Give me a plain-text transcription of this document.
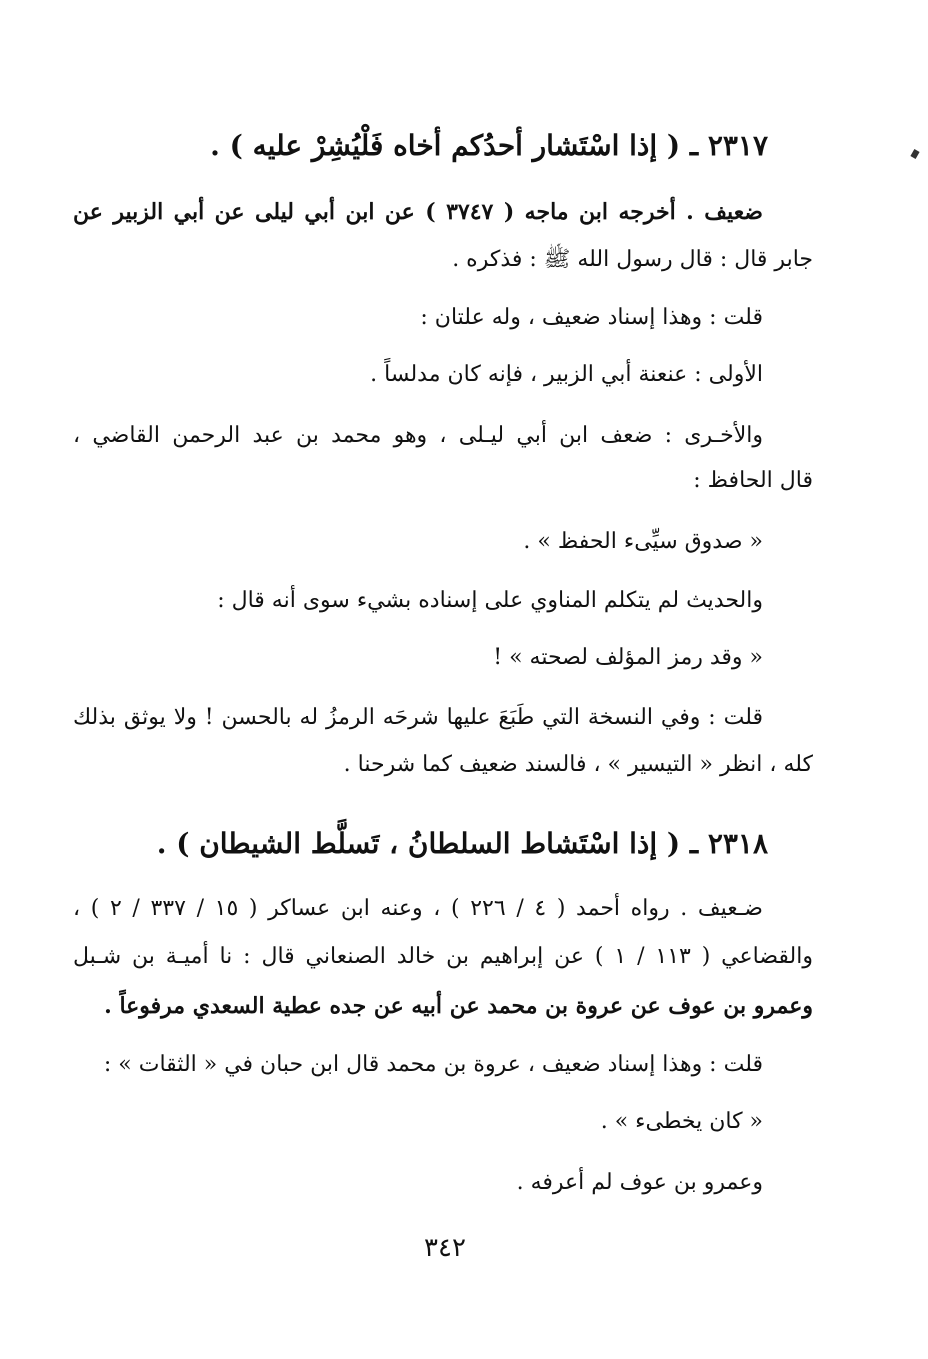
٢٣١٧ ـ ( إذا اسْتَشار أحدُكم أخاه فَلْيُشِرْ عليه ) .
ضعيف . أخرجه ابن ماجه ( ٣٧٤٧ ) عن ابن أبي ليلى عن أبي الزبير عن
جابر قال : قال رسول الله ﷺ : فذكره .
قلت : وهذا إسناد ضعيف ، وله علتان :
الأولى : عنعنة أبي الزبير ، فإنه كان مدلساً .
والأخـرى : ضعف ابن أبي ليـلى ، وهو محمد بن عبد الرحمن القاضي ،
قال الحافظ :
« صدوق سيِّىء الحفظ » .
والحديث لم يتكلم المناوي على إسناده بشيء سوى أنه قال :
« وقد رمز المؤلف لصحته » !
قلت : وفي النسخة التي طَبَعَ عليها شرحَه الرمزُ له بالحسن ! ولا يوثق بذلك
كله ، انظر « التيسير » ، فالسند ضعيف كما شرحنا .
٢٣١٨ ـ ( إذا اسْتَشاط السلطانُ ، تَسلَّط الشيطان ) .
ضـعيف . رواه أحمد ( ٤ / ٢٢٦ ) ، وعنه ابن عساكر ( ١٥ / ٣٣٧ / ٢ ) ،
والقضاعي ( ١١٣ / ١ ) عن إبراهيم بن خالد الصنعاني قال : نا أميـة بن شـبل
وعمرو بن عوف عن عروة بن محمد عن أبيه عن جده عطية السعدي مرفوعاً .
قلت : وهذا إسناد ضعيف ، عروة بن محمد قال ابن حبان في « الثقات » :
« كان يخطىء » .
وعمرو بن عوف لم أعرفه .
٣٤٢
